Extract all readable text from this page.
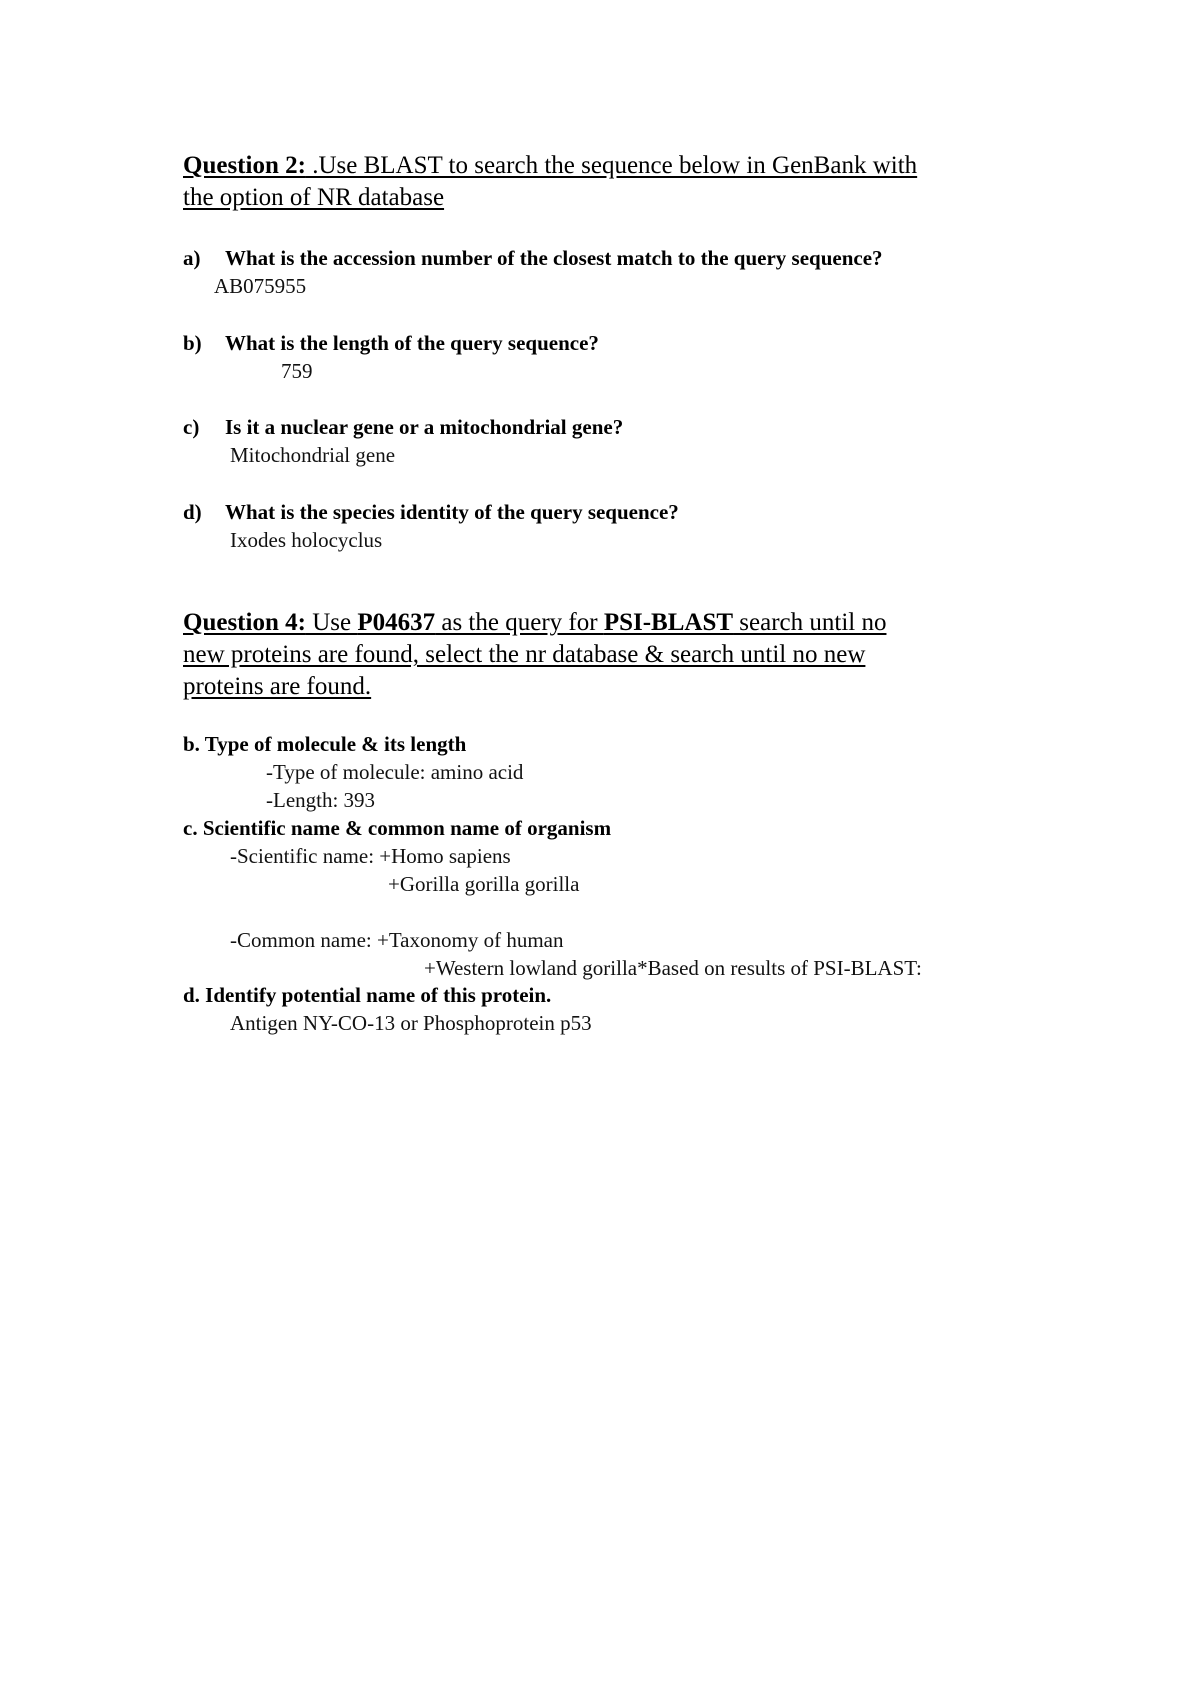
Question 2: .Use BLAST to search the sequence below in GenBank with
the option of NR database
a) What is the accession number of the closest match to the query sequence?
AB075955
b) What is the length of the query sequence?
759
c) Is it a nuclear gene or a mitochondrial gene?
Mitochondrial gene
d) What is the species identity of the query sequence?
Ixodes holocyclus
Question 4: Use P04637 as the query for PSI-BLAST search until no
new proteins are found, select the nr database & search until no new
proteins are found.
b. Type of molecule & its length
-Type of molecule: amino acid
-Length: 393
c. Scientific name & common name of organism
-Scientific name: +Homo sapiens
+Gorilla gorilla gorilla
-Common name: +Taxonomy of human
+Western lowland gorilla*Based on results of PSI-BLAST:
d. Identify potential name of this protein.
Antigen NY-CO-13 or Phosphoprotein p53
